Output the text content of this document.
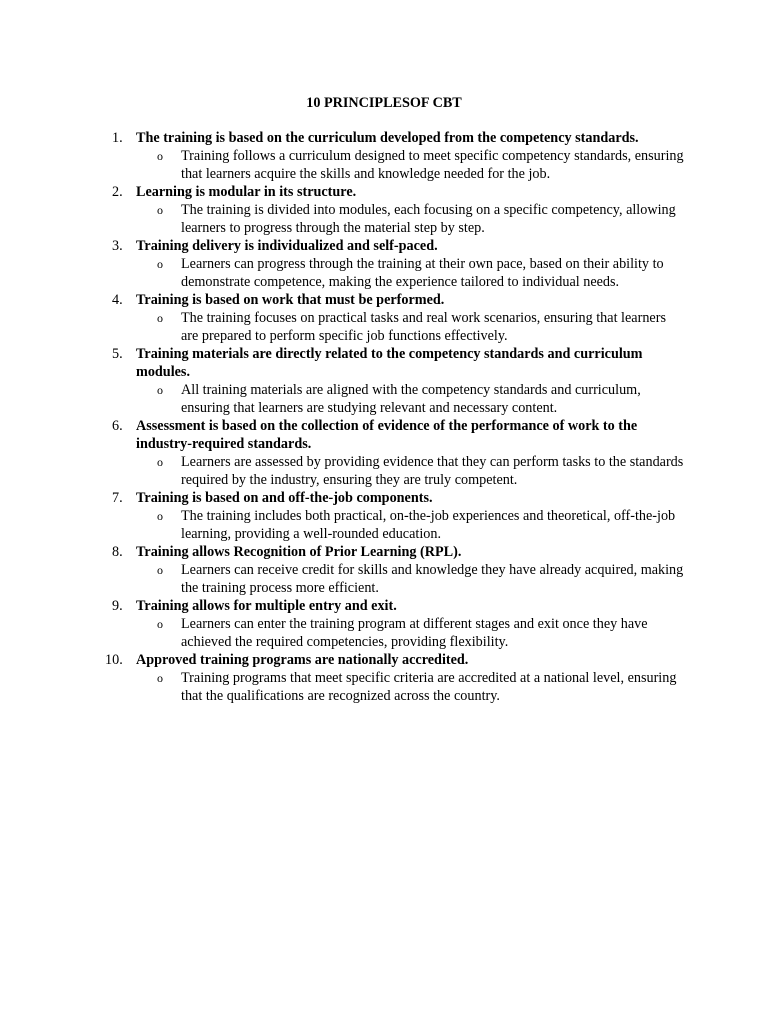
10 PRINCIPLESOF CBT
1. The training is based on the curriculum developed from the competency standards.
o Training follows a curriculum designed to meet specific competency standards, ensuring that learners acquire the skills and knowledge needed for the job.
2. Learning is modular in its structure.
o The training is divided into modules, each focusing on a specific competency, allowing learners to progress through the material step by step.
3. Training delivery is individualized and self-paced.
o Learners can progress through the training at their own pace, based on their ability to demonstrate competence, making the experience tailored to individual needs.
4. Training is based on work that must be performed.
o The training focuses on practical tasks and real work scenarios, ensuring that learners are prepared to perform specific job functions effectively.
5. Training materials are directly related to the competency standards and curriculum modules.
o All training materials are aligned with the competency standards and curriculum, ensuring that learners are studying relevant and necessary content.
6. Assessment is based on the collection of evidence of the performance of work to the industry-required standards.
o Learners are assessed by providing evidence that they can perform tasks to the standards required by the industry, ensuring they are truly competent.
7. Training is based on and off-the-job components.
o The training includes both practical, on-the-job experiences and theoretical, off-the-job learning, providing a well-rounded education.
8. Training allows Recognition of Prior Learning (RPL).
o Learners can receive credit for skills and knowledge they have already acquired, making the training process more efficient.
9. Training allows for multiple entry and exit.
o Learners can enter the training program at different stages and exit once they have achieved the required competencies, providing flexibility.
10. Approved training programs are nationally accredited.
o Training programs that meet specific criteria are accredited at a national level, ensuring that the qualifications are recognized across the country.
